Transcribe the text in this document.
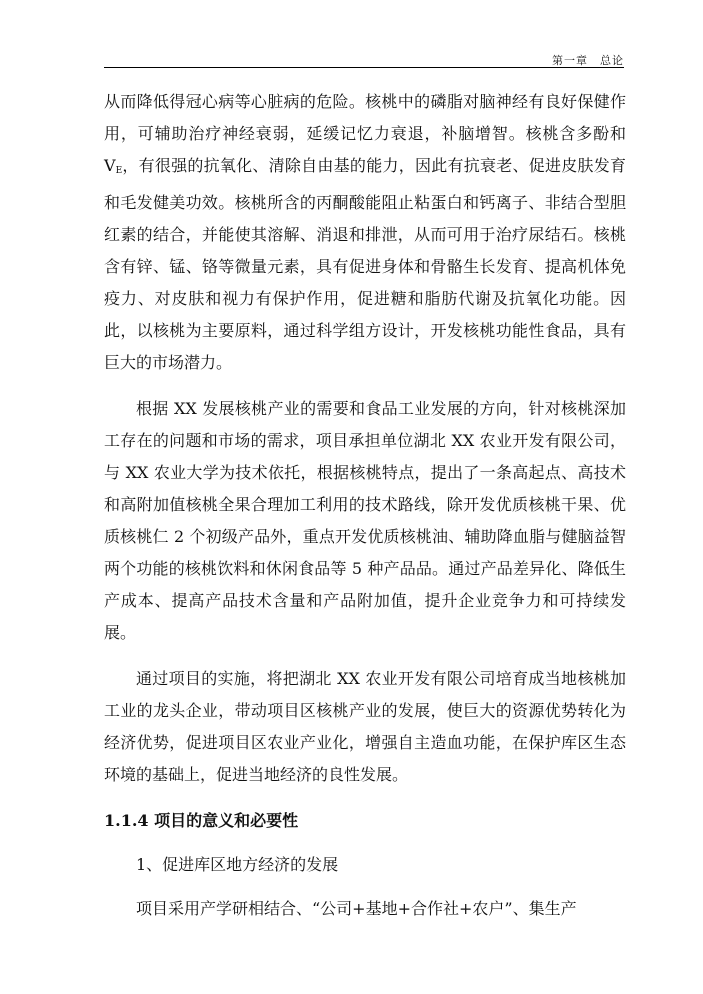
第一章　总论

从而降低得冠心病等心脏病的危险。核桃中的磷脂对脑神经有良好保健作用，可辅助治疗神经衰弱，延缓记忆力衰退，补脑增智。核桃含多酚和 $V_E$，有很强的抗氧化、清除自由基的能力，因此有抗衰老、促进皮肤发育和毛发健美功效。核桃所含的丙酮酸能阻止粘蛋白和钙离子、非结合型胆红素的结合，并能使其溶解、消退和排泄，从而可用于治疗尿结石。核桃含有锌、锰、铬等微量元素，具有促进身体和骨骼生长发育、提高机体免疫力、对皮肤和视力有保护作用，促进糖和脂肪代谢及抗氧化功能。因此，以核桃为主要原料，通过科学组方设计，开发核桃功能性食品，具有巨大的市场潜力。

根据 XX 发展核桃产业的需要和食品工业发展的方向，针对核桃深加工存在的问题和市场的需求，项目承担单位湖北 XX 农业开发有限公司，与 XX 农业大学为技术依托，根据核桃特点，提出了一条高起点、高技术和高附加值核桃全果合理加工利用的技术路线，除开发优质核桃干果、优质核桃仁 2 个初级产品外，重点开发优质核桃油、辅助降血脂与健脑益智两个功能的核桃饮料和休闲食品等 5 种产品品。通过产品差异化、降低生产成本、提高产品技术含量和产品附加值，提升企业竞争力和可持续发展。

通过项目的实施，将把湖北 XX 农业开发有限公司培育成当地核桃加工业的龙头企业，带动项目区核桃产业的发展，使巨大的资源优势转化为经济优势，促进项目区农业产业化，增强自主造血功能，在保护库区生态环境的基础上，促进当地经济的良性发展。

1.1.4 项目的意义和必要性

1、促进库区地方经济的发展

项目采用产学研相结合、“公司+基地+合作社+农户”、集生产
